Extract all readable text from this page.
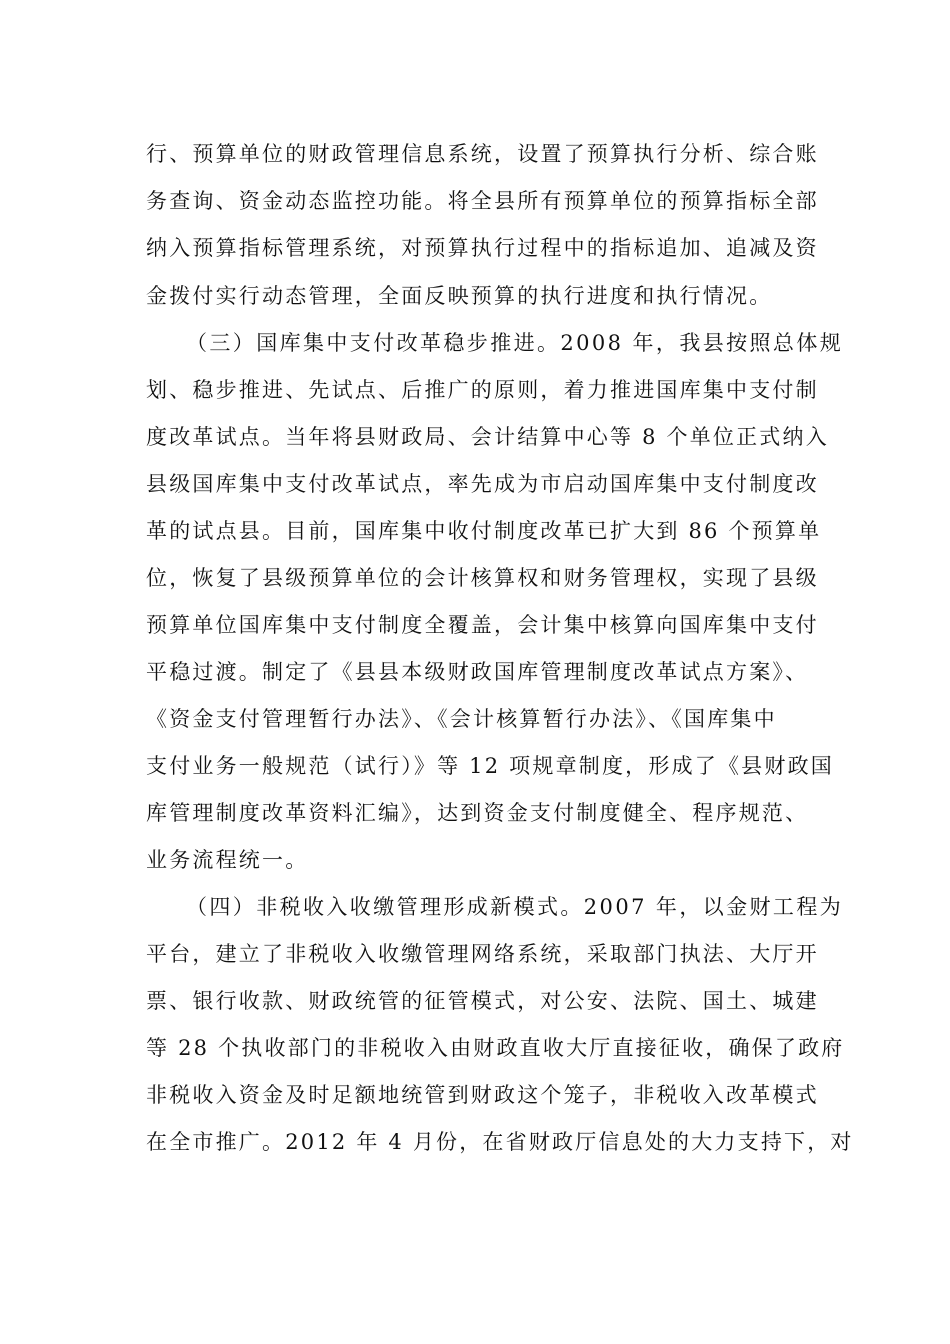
行、预算单位的财政管理信息系统，设置了预算执行分析、综合账
务查询、资金动态监控功能。将全县所有预算单位的预算指标全部
纳入预算指标管理系统，对预算执行过程中的指标追加、追减及资
金拨付实行动态管理，全面反映预算的执行进度和执行情况。
（三）国库集中支付改革稳步推进。2008 年，我县按照总体规
划、稳步推进、先试点、后推广的原则，着力推进国库集中支付制
度改革试点。当年将县财政局、会计结算中心等 8 个单位正式纳入
县级国库集中支付改革试点，率先成为市启动国库集中支付制度改
革的试点县。目前，国库集中收付制度改革已扩大到 86 个预算单
位，恢复了县级预算单位的会计核算权和财务管理权，实现了县级
预算单位国库集中支付制度全覆盖，会计集中核算向国库集中支付
平稳过渡。制定了《县县本级财政国库管理制度改革试点方案》、
《资金支付管理暂行办法》、《会计核算暂行办法》、《国库集中
支付业务一般规范（试行）》等 12 项规章制度，形成了《县财政国
库管理制度改革资料汇编》，达到资金支付制度健全、程序规范、
业务流程统一。
（四）非税收入收缴管理形成新模式。2007 年，以金财工程为
平台，建立了非税收入收缴管理网络系统，采取部门执法、大厅开
票、银行收款、财政统管的征管模式，对公安、法院、国土、城建
等 28 个执收部门的非税收入由财政直收大厅直接征收，确保了政府
非税收入资金及时足额地统管到财政这个笼子，非税收入改革模式
在全市推广。2012 年 4 月份，在省财政厅信息处的大力支持下，对
